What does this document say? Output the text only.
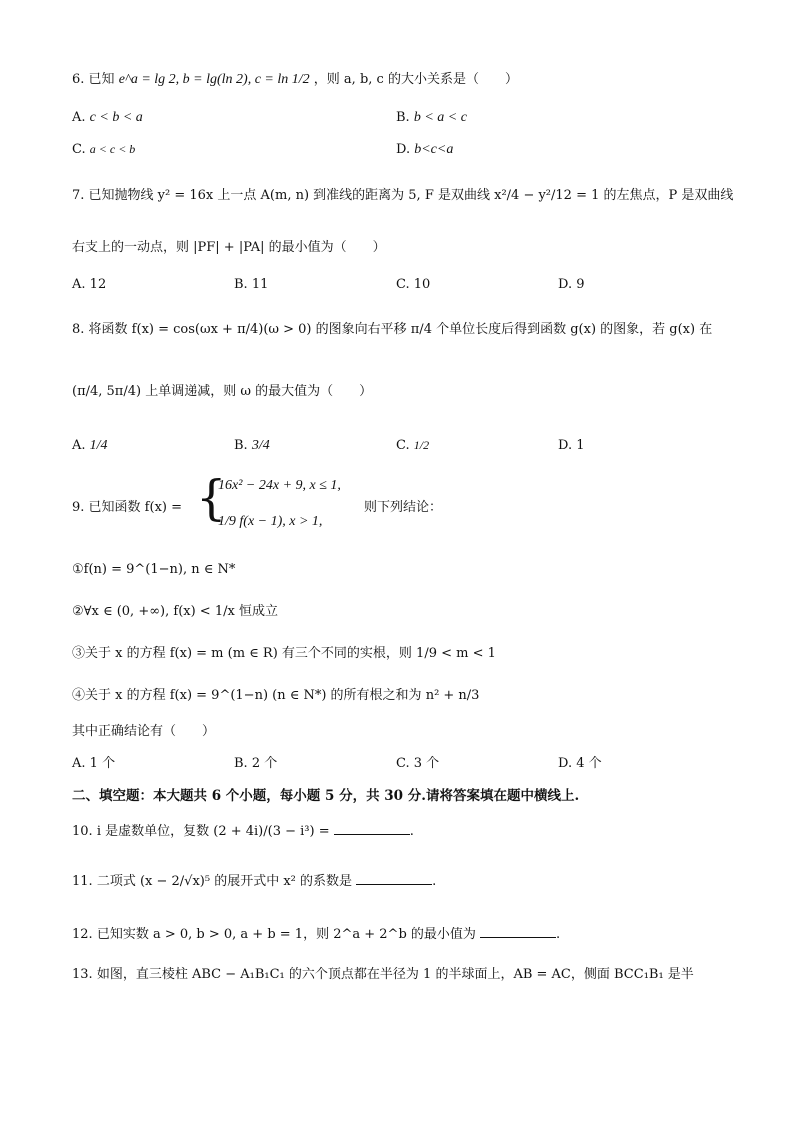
6. 已知 e^a = lg 2, b = lg(ln 2), c = ln 1/2 ，则 a, b, c 的大小关系是（　　）
A. c < b < a	B. b < a < c
C. a < c < b	D. b<c<a
7. 已知抛物线 y² = 16x 上一点 A(m, n) 到准线的距离为 5, F 是双曲线 x²/4 − y²/12 = 1 的左焦点，P 是双曲线
右支上的一动点，则 |PF| + |PA| 的最小值为（　　）
A. 12	B. 11	C. 10	D. 9
8. 将函数 f(x) = cos(ωx + π/4)(ω > 0) 的图象向右平移 π/4 个单位长度后得到函数 g(x) 的图象，若 g(x) 在
(π/4, 5π/4) 上单调递减，则 ω 的最大值为（　　）
A. 1/4	B. 3/4	C. 1/2	D. 1
9. 已知函数 f(x) = {
16x² − 24x + 9, x ≤ 1,
1/9 f(x − 1), x > 1,
则下列结论：
①f(n) = 9^(1−n), n ∈ N*
②∀x ∈ (0, +∞), f(x) < 1/x 恒成立
③关于 x 的方程 f(x) = m (m ∈ R) 有三个不同的实根，则 1/9 < m < 1
④关于 x 的方程 f(x) = 9^(1−n) (n ∈ N*) 的所有根之和为 n² + n/3
其中正确结论有（　　）
A. 1 个	B. 2 个	C. 3 个	D. 4 个
二、填空题：本大题共 6 个小题，每小题 5 分，共 30 分.请将答案填在题中横线上.
10. i 是虚数单位，复数 (2 + 4i)/(3 − i³) =	.
11. 二项式 (x − 2/√x)⁵ 的展开式中 x² 的系数是	.
12. 已知实数 a > 0, b > 0, a + b = 1，则 2^a + 2^b 的最小值为	.
13. 如图，直三棱柱 ABC − A₁B₁C₁ 的六个顶点都在半径为 1 的半球面上，AB = AC，侧面 BCC₁B₁ 是半
